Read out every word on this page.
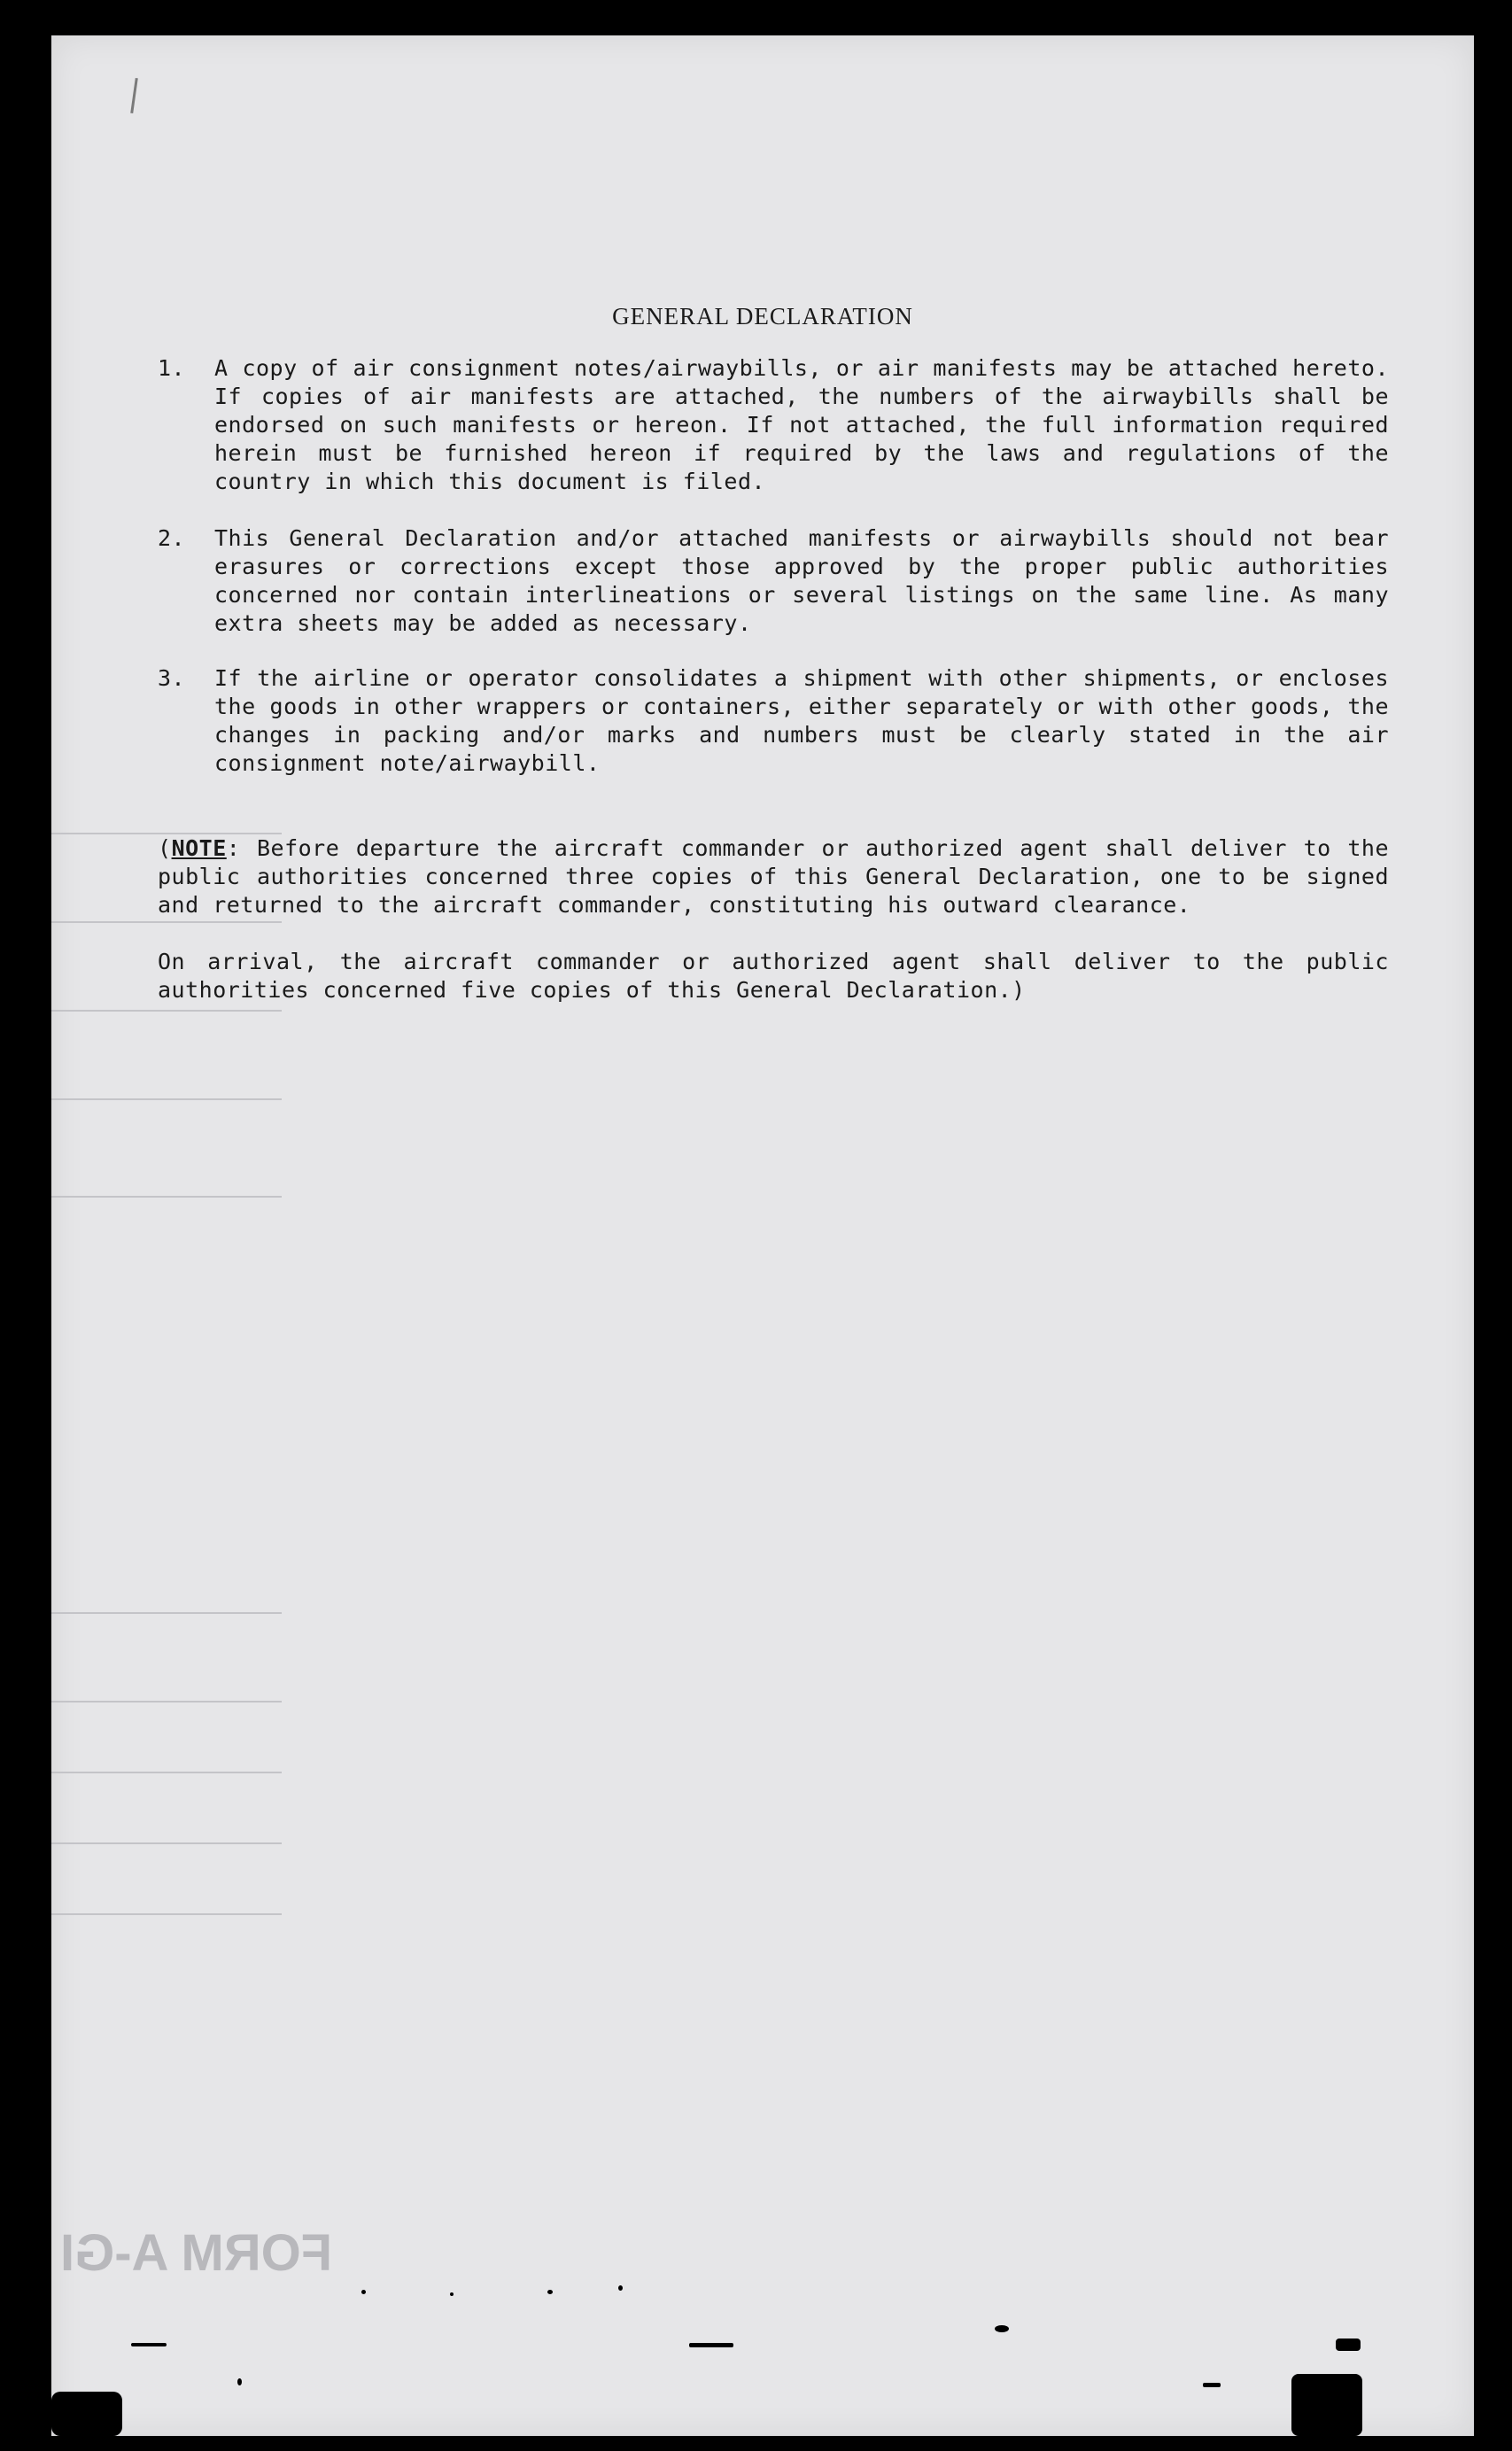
FORM A-GI
GENERAL DECLARATION
1.	A copy of air consignment notes/airwaybills, or air manifests may be attached hereto. If copies of air manifests are attached, the numbers of the airwaybills shall be endorsed on such manifests or hereon. If not attached, the full information required herein must be furnished hereon if required by the laws and regulations of the country in which this document is filed.
2.	This General Declaration and/or attached manifests or airwaybills should not bear erasures or corrections except those approved by the proper public authorities concerned nor contain interlineations or several listings on the same line. As many extra sheets may be added as necessary.
3.	If the airline or operator consolidates a shipment with other shipments, or encloses the goods in other wrappers or containers, either separately or with other goods, the changes in packing and/or marks and numbers must be clearly stated in the air consignment note/airwaybill.
(NOTE: Before departure the aircraft commander or authorized agent shall deliver to the public authorities concerned three copies of this General Declaration, one to be signed and returned to the aircraft commander, constituting his outward clearance.
On arrival, the aircraft commander or authorized agent shall deliver to the public authorities concerned five copies of this General Declaration.)
